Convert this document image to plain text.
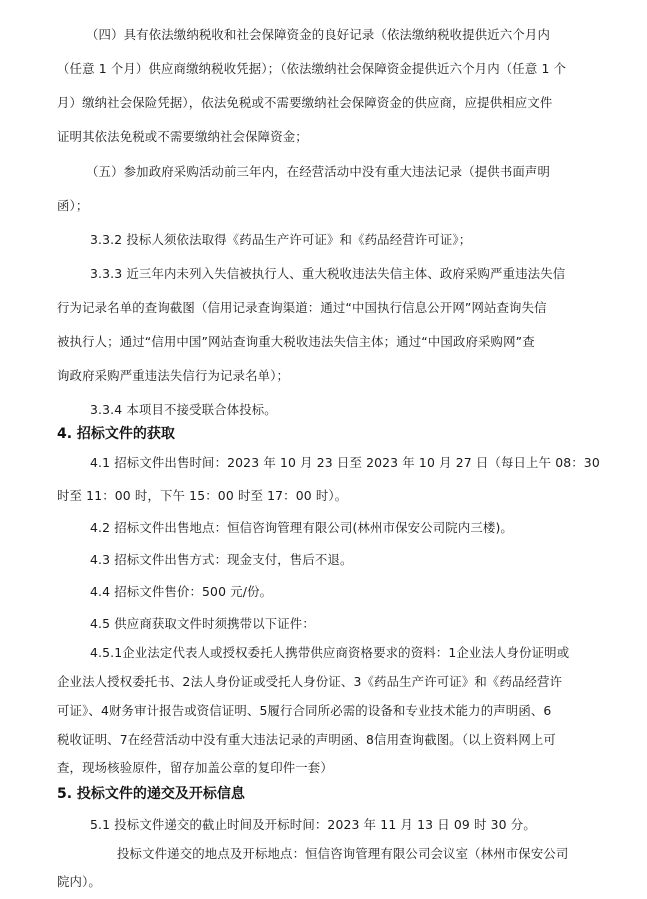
（四）具有依法缴纳税收和社会保障资金的良好记录（依法缴纳税收提供近六个月内
（任意 1 个月）供应商缴纳税收凭据）；（依法缴纳社会保障资金提供近六个月内（任意 1 个
月）缴纳社会保险凭据），依法免税或不需要缴纳社会保障资金的供应商，应提供相应文件
证明其依法免税或不需要缴纳社会保障资金；
（五）参加政府采购活动前三年内，在经营活动中没有重大违法记录（提供书面声明
函）；
3.3.2 投标人须依法取得《药品生产许可证》和《药品经营许可证》；
3.3.3 近三年内未列入失信被执行人、重大税收违法失信主体、政府采购严重违法失信
行为记录名单的查询截图（信用记录查询渠道：通过“中国执行信息公开网”网站查询失信
被执行人；通过“信用中国”网站查询重大税收违法失信主体；通过“中国政府采购网”查
询政府采购严重违法失信行为记录名单）；
3.3.4 本项目不接受联合体投标。
4. 招标文件的获取
4.1 招标文件出售时间：2023 年 10 月 23 日至 2023 年 10 月 27 日（每日上午 08：30
时至 11：00 时，下午 15：00 时至 17：00 时）。
4.2 招标文件出售地点：恒信咨询管理有限公司(林州市保安公司院内三楼)。
4.3 招标文件出售方式：现金支付，售后不退。
4.4 招标文件售价：500 元/份。
4.5 供应商获取文件时须携带以下证件：
4.5.1企业法定代表人或授权委托人携带供应商资格要求的资料：1企业法人身份证明或
企业法人授权委托书、2法人身份证或受托人身份证、3《药品生产许可证》和《药品经营许
可证》、4财务审计报告或资信证明、5履行合同所必需的设备和专业技术能力的声明函、6
税收证明、7在经营活动中没有重大违法记录的声明函、8信用查询截图。（以上资料网上可
查，现场核验原件，留存加盖公章的复印件一套）
5. 投标文件的递交及开标信息
5.1 投标文件递交的截止时间及开标时间：2023 年 11 月 13 日 09 时 30 分。
投标文件递交的地点及开标地点：恒信咨询管理有限公司会议室（林州市保安公司
院内）。
